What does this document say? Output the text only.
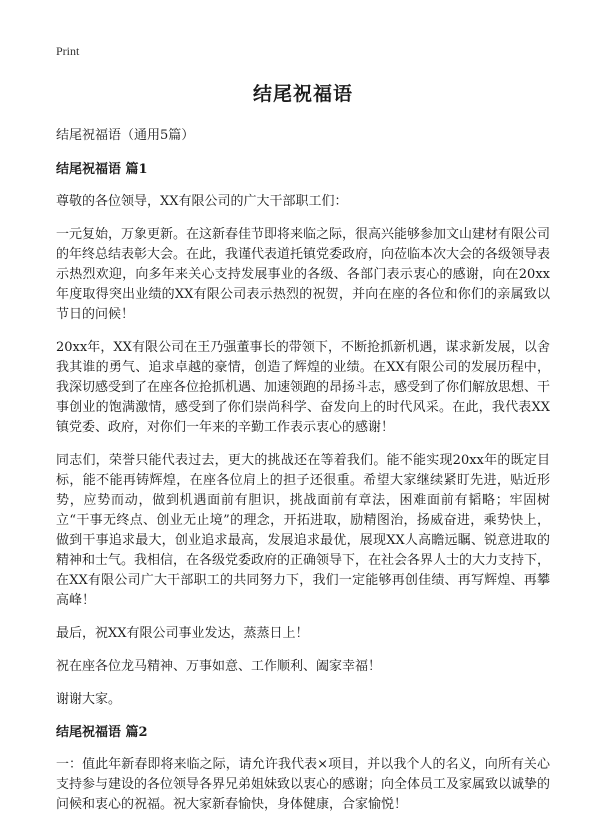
Print
结尾祝福语
结尾祝福语（通用5篇）
结尾祝福语 篇1

尊敬的各位领导，XX有限公司的广大干部职工们：

一元复始，万象更新。在这新春佳节即将来临之际，很高兴能够参加文山建材有限公司的年终总结表彰大会。在此，我谨代表道托镇党委政府，向莅临本次大会的各级领导表示热烈欢迎，向多年来关心支持发展事业的各级、各部门表示衷心的感谢，向在20xx年度取得突出业绩的XX有限公司表示热烈的祝贺，并向在座的各位和你们的亲属致以节日的问候！

20xx年，XX有限公司在王乃强董事长的带领下，不断抢抓新机遇，谋求新发展，以舍我其谁的勇气、追求卓越的豪情，创造了辉煌的业绩。在XX有限公司的发展历程中，我深切感受到了在座各位抢抓机遇、加速领跑的昂扬斗志，感受到了你们解放思想、干事创业的饱满激情，感受到了你们崇尚科学、奋发向上的时代风采。在此，我代表XX镇党委、政府，对你们一年来的辛勤工作表示衷心的感谢！

同志们，荣誉只能代表过去，更大的挑战还在等着我们。能不能实现20xx年的既定目标，能不能再铸辉煌，在座各位肩上的担子还很重。希望大家继续紧盯先进，贴近形势，应势而动，做到机遇面前有胆识，挑战面前有章法，困难面前有韬略；牢固树立“干事无终点、创业无止境”的理念，开拓进取，励精图治，扬威奋进，乘势快上，做到干事追求最大，创业追求最高，发展追求最优，展现XX人高瞻远瞩、锐意进取的精神和士气。我相信，在各级党委政府的正确领导下，在社会各界人士的大力支持下，在XX有限公司广大干部职工的共同努力下，我们一定能够再创佳绩、再写辉煌、再攀高峰！

最后，祝XX有限公司事业发达，蒸蒸日上！

祝在座各位龙马精神、万事如意、工作顺利、阖家幸福！

谢谢大家。

结尾祝福语 篇2

一：值此年新春即将来临之际，请允许我代表×项目，并以我个人的名义，向所有关心支持参与建设的各位领导各界兄弟姐妹致以衷心的感谢；向全体员工及家属致以诚挚的问候和衷心的祝福。祝大家新春愉快，身体健康，合家愉悦！
